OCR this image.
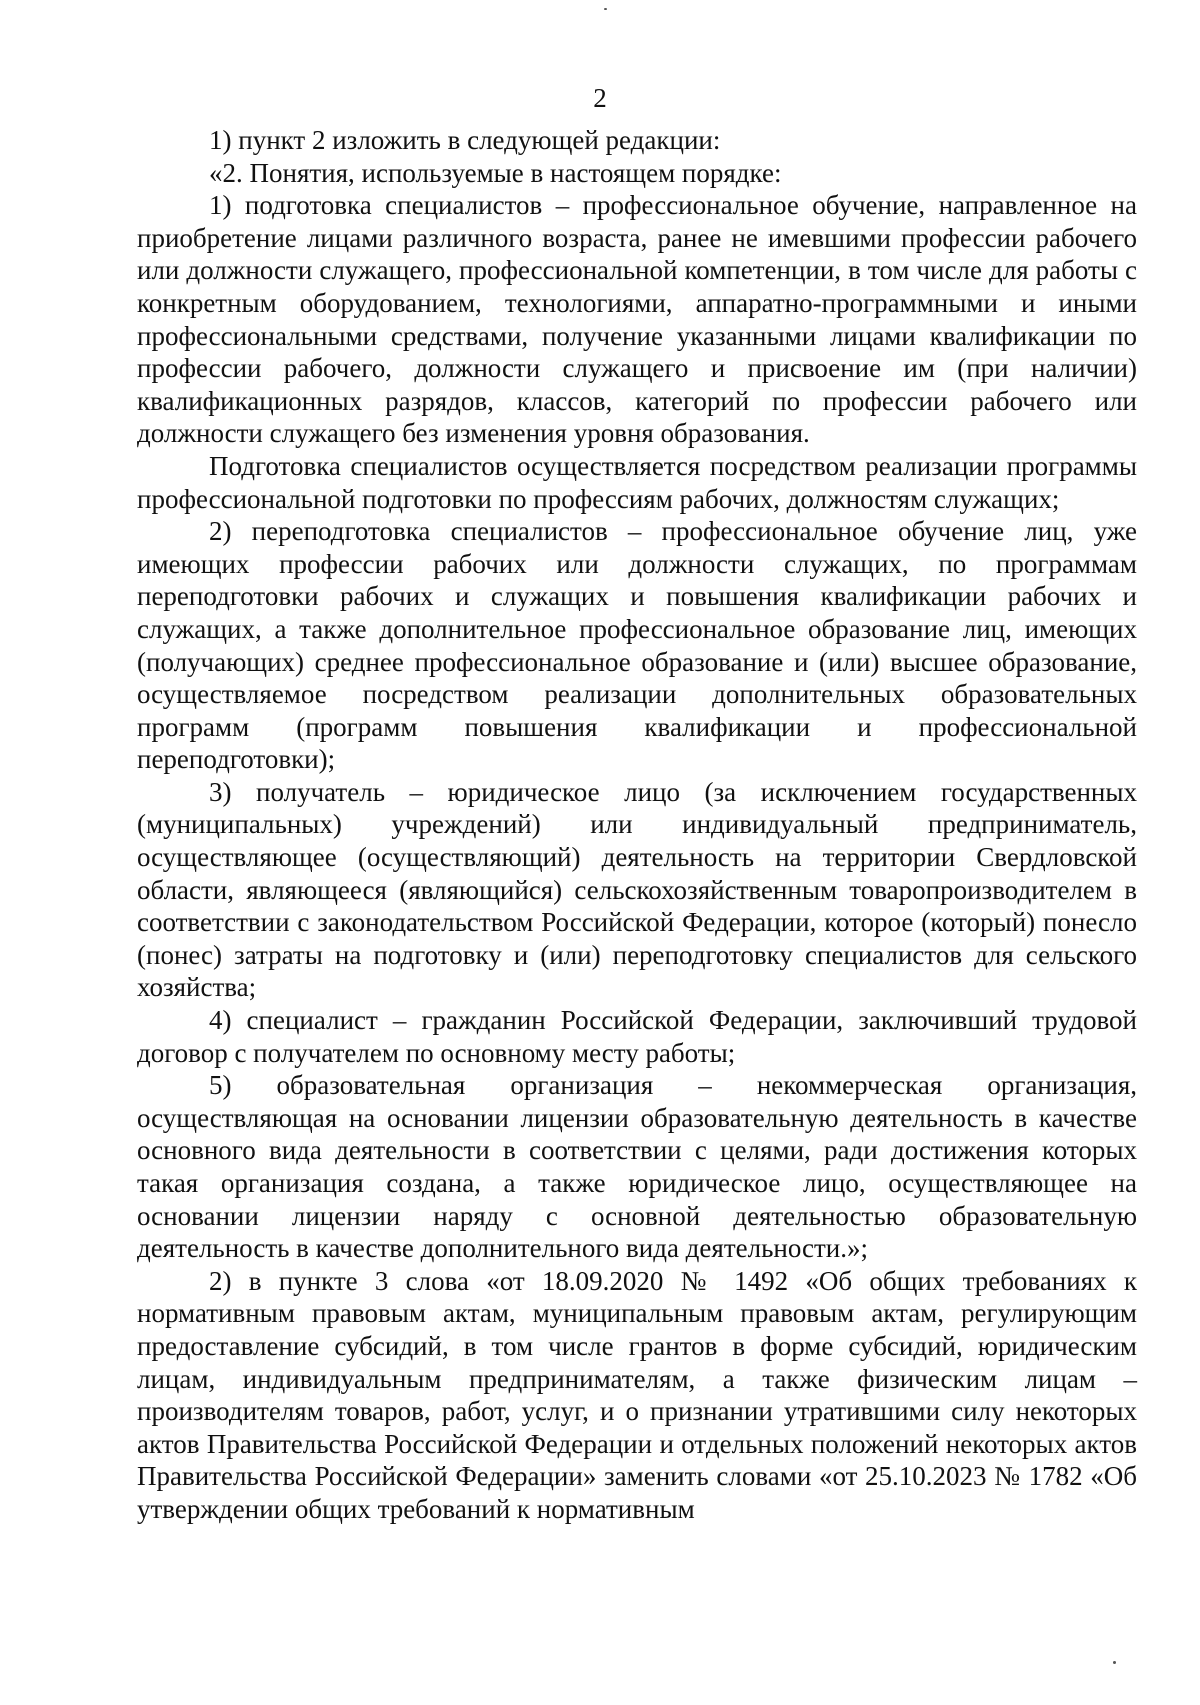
2

1) пункт 2 изложить в следующей редакции:

«2. Понятия, используемые в настоящем порядке:

1) подготовка специалистов – профессиональное обучение, направленное на приобретение лицами различного возраста, ранее не имевшими профессии рабочего или должности служащего, профессиональной компетенции, в том числе для работы с конкретным оборудованием, технологиями, аппаратно-программными и иными профессиональными средствами, получение указанными лицами квалификации по профессии рабочего, должности служащего и присвоение им (при наличии) квалификационных разрядов, классов, категорий по профессии рабочего или должности служащего без изменения уровня образования.

Подготовка специалистов осуществляется посредством реализации программы профессиональной подготовки по профессиям рабочих, должностям служащих;

2) переподготовка специалистов – профессиональное обучение лиц, уже имеющих профессии рабочих или должности служащих, по программам переподготовки рабочих и служащих и повышения квалификации рабочих и служащих, а также дополнительное профессиональное образование лиц, имеющих (получающих) среднее профессиональное образование и (или) высшее образование, осуществляемое посредством реализации дополнительных образовательных программ (программ повышения квалификации и профессиональной переподготовки);

3) получатель – юридическое лицо (за исключением государственных (муниципальных) учреждений) или индивидуальный предприниматель, осуществляющее (осуществляющий) деятельность на территории Свердловской области, являющееся (являющийся) сельскохозяйственным товаропроизводителем в соответствии с законодательством Российской Федерации, которое (который) понесло (понес) затраты на подготовку и (или) переподготовку специалистов для сельского хозяйства;

4) специалист – гражданин Российской Федерации, заключивший трудовой договор с получателем по основному месту работы;

5) образовательная организация – некоммерческая организация, осуществляющая на основании лицензии образовательную деятельность в качестве основного вида деятельности в соответствии с целями, ради достижения которых такая организация создана, а также юридическое лицо, осуществляющее на основании лицензии наряду с основной деятельностью образовательную деятельность в качестве дополнительного вида деятельности.»;

2) в пункте 3 слова «от 18.09.2020 № 1492 «Об общих требованиях к нормативным правовым актам, муниципальным правовым актам, регулирующим предоставление субсидий, в том числе грантов в форме субсидий, юридическим лицам, индивидуальным предпринимателям, а также физическим лицам – производителям товаров, работ, услуг, и о признании утратившими силу некоторых актов Правительства Российской Федерации и отдельных положений некоторых актов Правительства Российской Федерации» заменить словами «от 25.10.2023 № 1782 «Об утверждении общих требований к нормативным
